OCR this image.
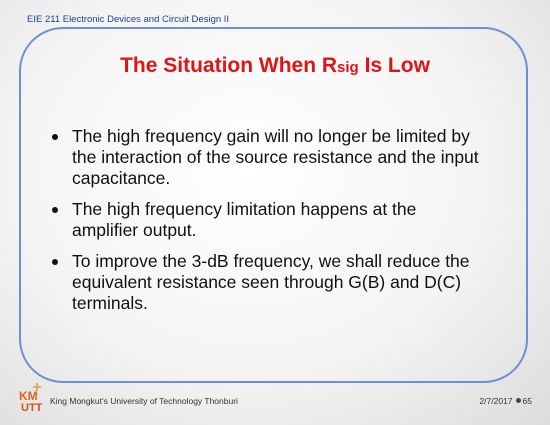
EIE 211 Electronic Devices and Circuit Design II
The Situation When Rsig Is Low
The high frequency gain will no longer be limited by the interaction of the source resistance and the input capacitance.
The high frequency limitation happens at the amplifier output.
To improve the 3-dB frequency, we shall reduce the equivalent resistance seen through G(B) and D(C) terminals.
KM
UTT
King Mongkut's University of Technology Thonburi	2/7/2017 65
